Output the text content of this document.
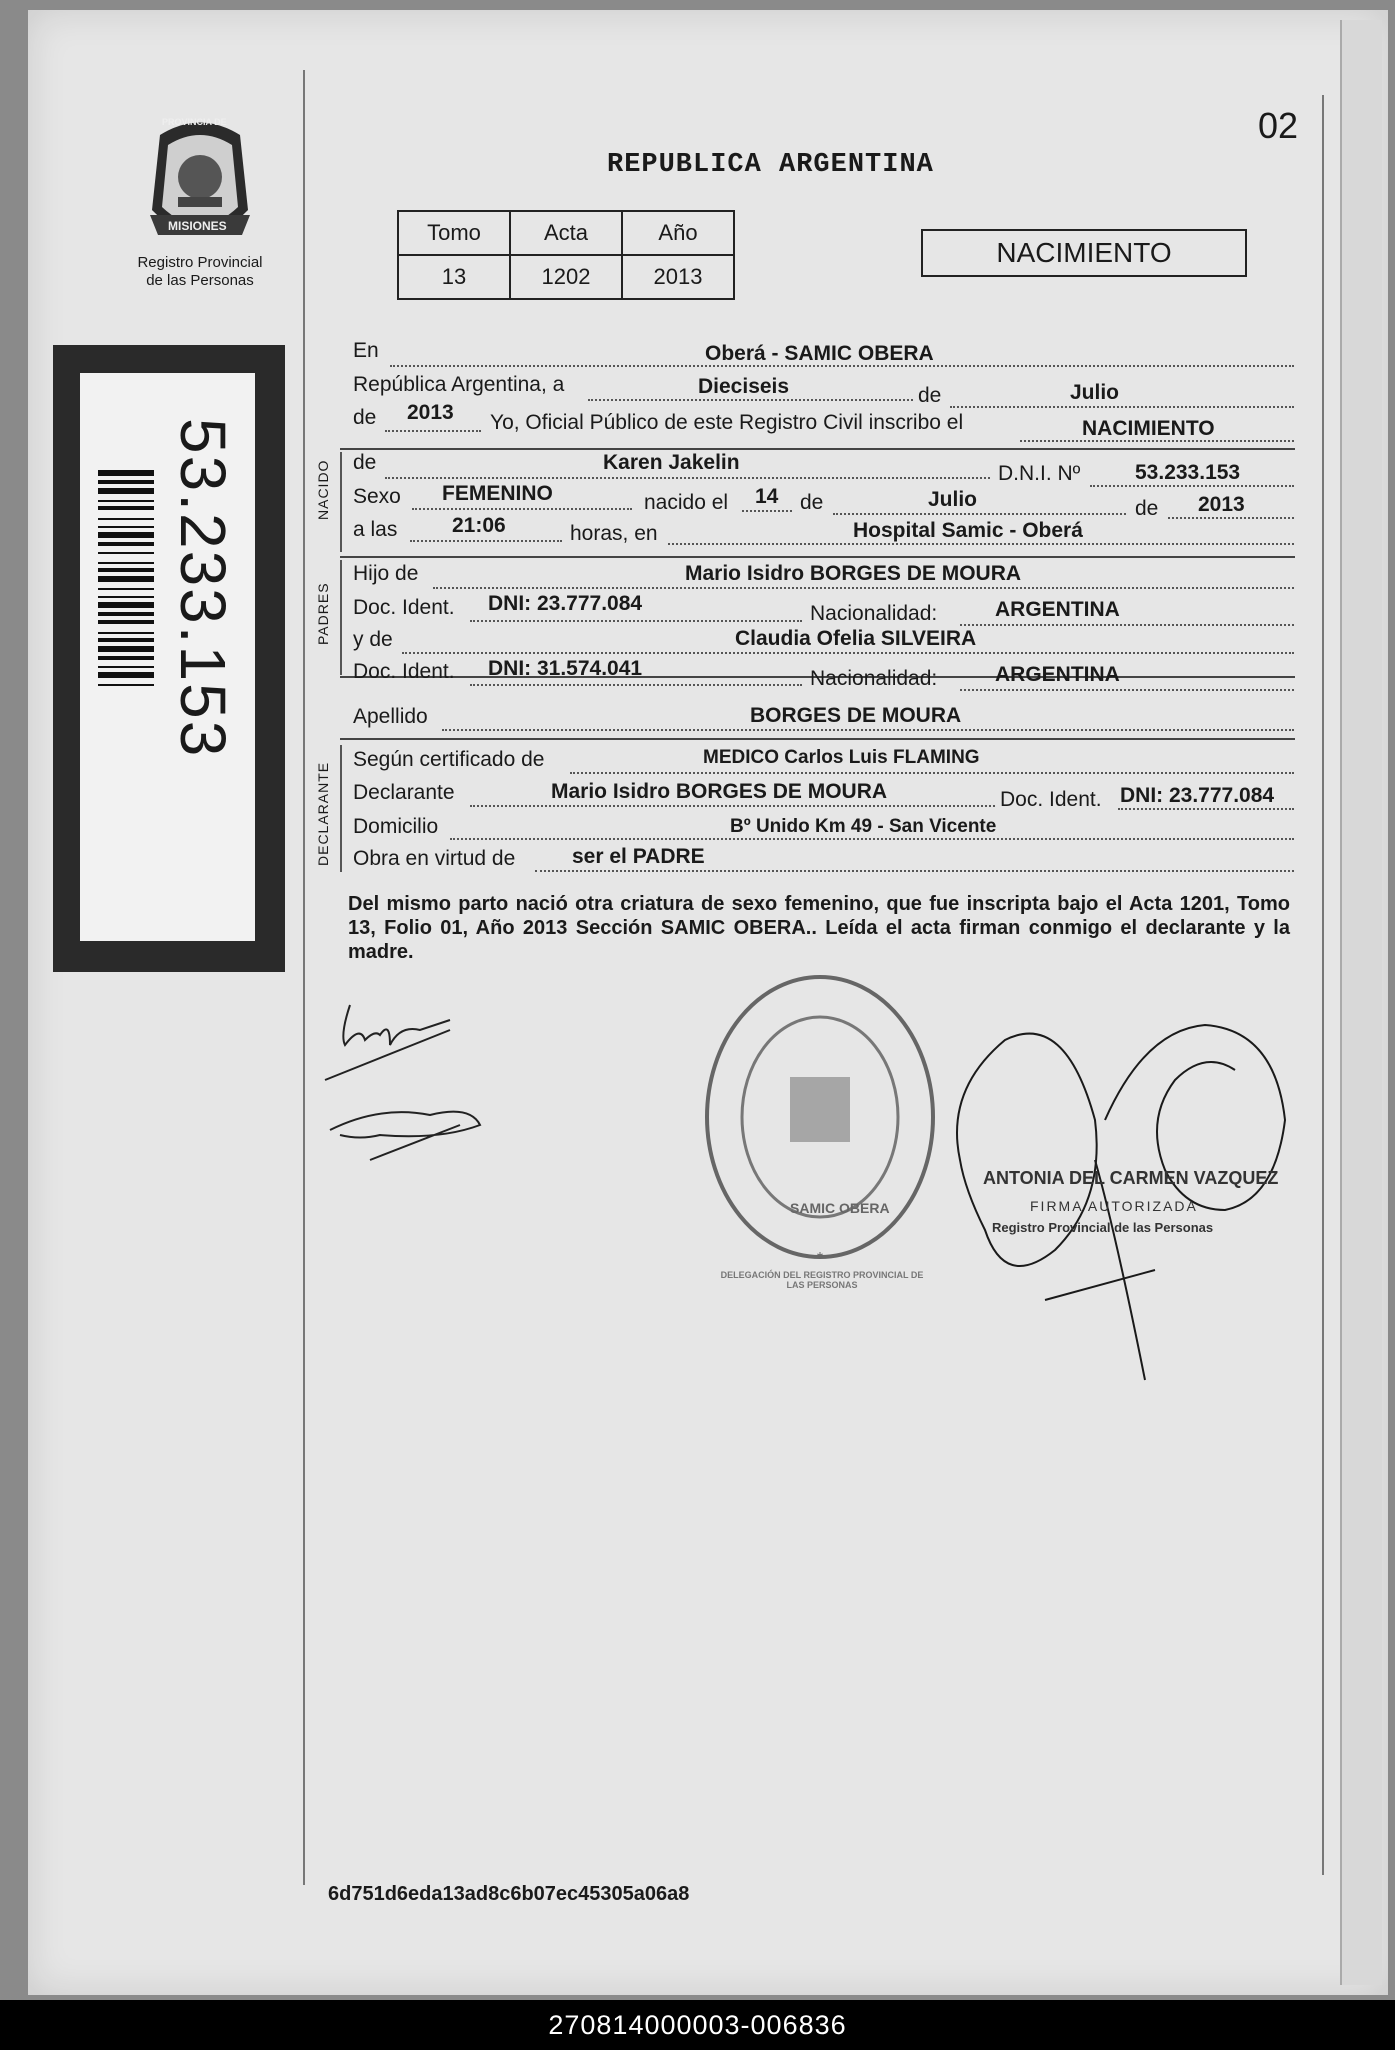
PROVINCIA DE
MISIONES
Registro Provincial
de las Personas
53.233.153
02
REPUBLICA ARGENTINA
Tomo	Acta	Año
13	1202	2013
NACIMIENTO
NACIDO
PADRES
DECLARANTE
En	Oberá - SAMIC OBERA
República Argentina, a	Dieciseis	de	Julio
de 2013 Yo, Oficial Público de este Registro Civil inscribo el	NACIMIENTO
de	Karen Jakelin	D.N.I. Nº	53.233.153
Sexo FEMENINO	nacido el 14 de	Julio	de 2013
a las	21:06	horas, en	Hospital Samic - Oberá
Hijo de	Mario Isidro BORGES DE MOURA
Doc. Ident. DNI: 23.777.084	Nacionalidad:	ARGENTINA
y de	Claudia Ofelia SILVEIRA
Doc. Ident. DNI: 31.574.041	Nacionalidad:	ARGENTINA
Apellido	BORGES DE MOURA
Según certificado de	MEDICO Carlos Luis FLAMING
Declarante	Mario Isidro BORGES DE MOURA	Doc. Ident. DNI: 23.777.084
Domicilio	Bº Unido Km 49 - San Vicente
Obra en virtud de	ser el PADRE
Del mismo parto nació otra criatura de sexo femenino, que fue inscripta bajo el Acta 1201, Tomo 13, Folio 01, Año 2013 Sección SAMIC OBERA.. Leída el acta firman conmigo el declarante y la madre.
*
SAMIC OBERA
DELEGACIÓN DEL REGISTRO PROVINCIAL DE LAS PERSONAS
ANTONIA DEL CARMEN VAZQUEZ
FIRMA AUTORIZADA
Registro Provincial de las Personas
6d751d6eda13ad8c6b07ec45305a06a8
270814000003-006836
